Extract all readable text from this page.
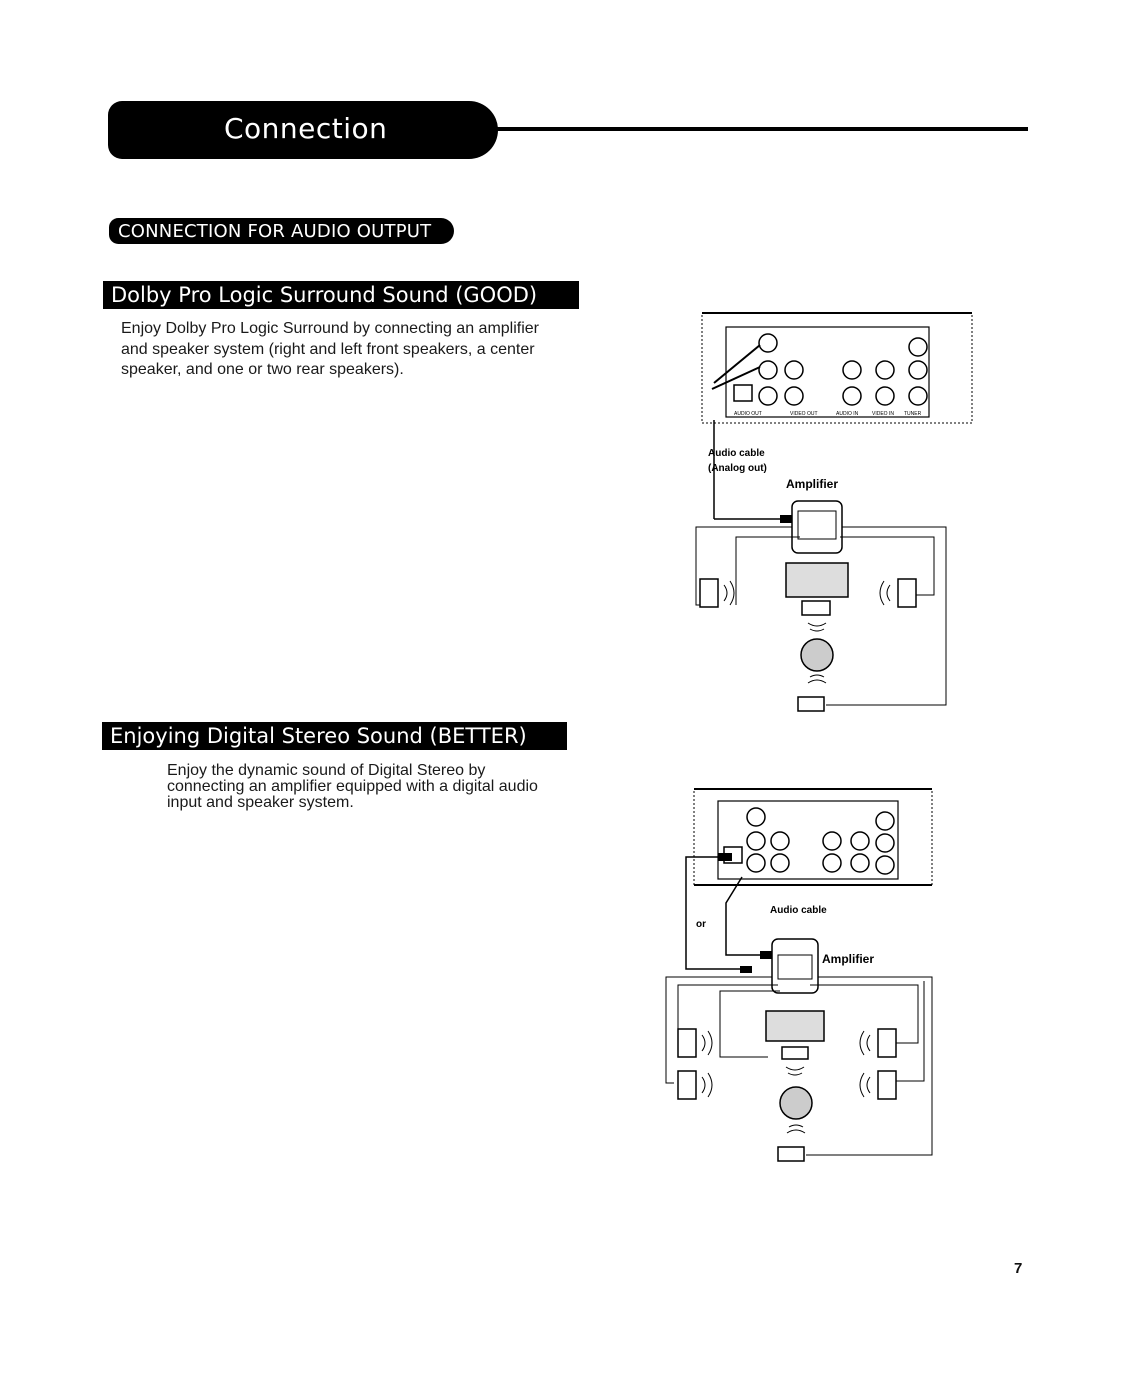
Connection
CONNECTION FOR AUDIO OUTPUT
Dolby Pro Logic Surround Sound (GOOD)
Enjoy Dolby Pro Logic Surround by connecting an amplifier and speaker system (right and left front speakers, a center speaker, and one or two rear speakers).
AUDIO OUT	VIDEO OUT	AUDIO IN	VIDEO IN TUNER
Audio cable
(Analog out)
Amplifier
Enjoying Digital Stereo Sound (BETTER)
Enjoy the dynamic sound of Digital Stereo by connecting an amplifier equipped with a digital audio input and speaker system.
or
Audio cable
Amplifier
7
